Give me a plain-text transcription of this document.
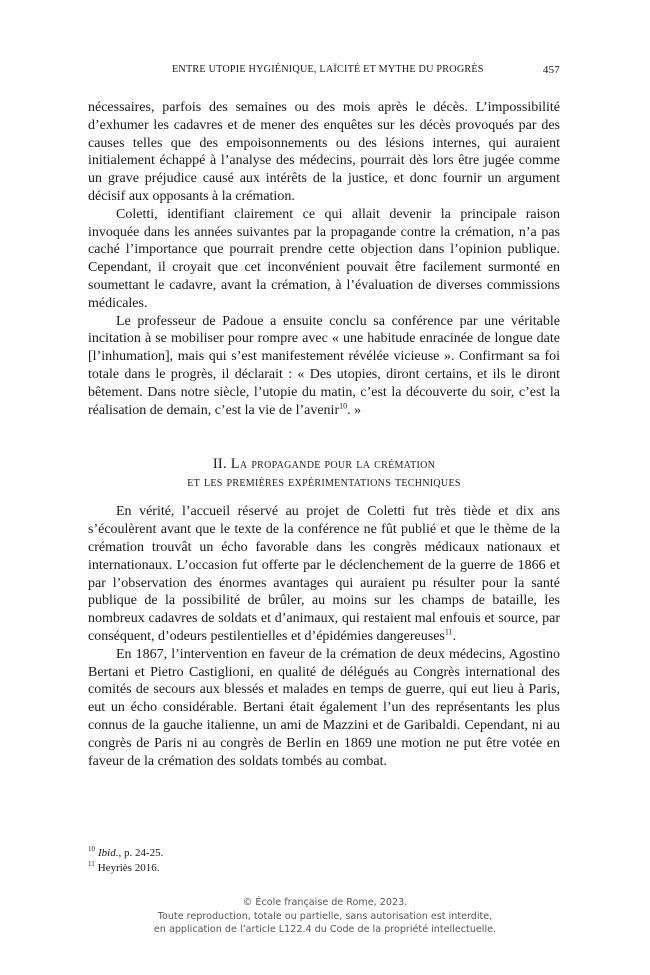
ENTRE UTOPIE HYGIÉNIQUE, LAÏCITÉ ET MYTHE DU PROGRÈS	457

nécessaires, parfois des semaines ou des mois après le décès. L’impossibilité d’exhumer les cadavres et de mener des enquêtes sur les décès provoqués par des causes telles que des empoisonnements ou des lésions internes, qui auraient initialement échappé à l’analyse des médecins, pourrait dès lors être jugée comme un grave préjudice causé aux intérêts de la justice, et donc fournir un argument décisif aux opposants à la crémation.

Coletti, identifiant clairement ce qui allait devenir la principale raison invoquée dans les années suivantes par la propagande contre la crémation, n’a pas caché l’importance que pourrait prendre cette objection dans l’opinion publique. Cependant, il croyait que cet inconvénient pouvait être facilement surmonté en soumettant le cadavre, avant la crémation, à l’évaluation de diverses commissions médicales.

Le professeur de Padoue a ensuite conclu sa conférence par une véritable incitation à se mobiliser pour rompre avec « une habitude enracinée de longue date [l’inhumation], mais qui s’est manifestement révélée vicieuse ». Confirmant sa foi totale dans le progrès, il déclarait : « Des utopies, diront certains, et ils le diront bêtement. Dans notre siècle, l’utopie du matin, c’est la découverte du soir, c’est la réalisation de demain, c’est la vie de l’avenir$^{10}$. »

II. La propagande pour la crémation
et les premières expérimentations techniques

En vérité, l’accueil réservé au projet de Coletti fut très tiède et dix ans s’écoulèrent avant que le texte de la conférence ne fût publié et que le thème de la crémation trouvât un écho favorable dans les congrès médicaux nationaux et internationaux. L’occasion fut offerte par le déclenchement de la guerre de 1866 et par l’observation des énormes avantages qui auraient pu résulter pour la santé publique de la possibilité de brûler, au moins sur les champs de bataille, les nombreux cadavres de soldats et d’animaux, qui restaient mal enfouis et source, par conséquent, d’odeurs pestilentielles et d’épidémies dangereuses$^{11}$.

En 1867, l’intervention en faveur de la crémation de deux médecins, Agostino Bertani et Pietro Castiglioni, en qualité de délégués au Congrès international des comités de secours aux blessés et malades en temps de guerre, qui eut lieu à Paris, eut un écho considérable. Bertani était également l’un des représentants les plus connus de la gauche italienne, un ami de Mazzini et de Garibaldi. Cependant, ni au congrès de Paris ni au congrès de Berlin en 1869 une motion ne put être votée en faveur de la crémation des soldats tombés au combat.

$^{10}$ Ibid., p. 24-25.
$^{11}$ Heyriès 2016.
© École française de Rome, 2023.
Toute reproduction, totale ou partielle, sans autorisation est interdite,
en application de l’article L122.4 du Code de la propriété intellectuelle.
